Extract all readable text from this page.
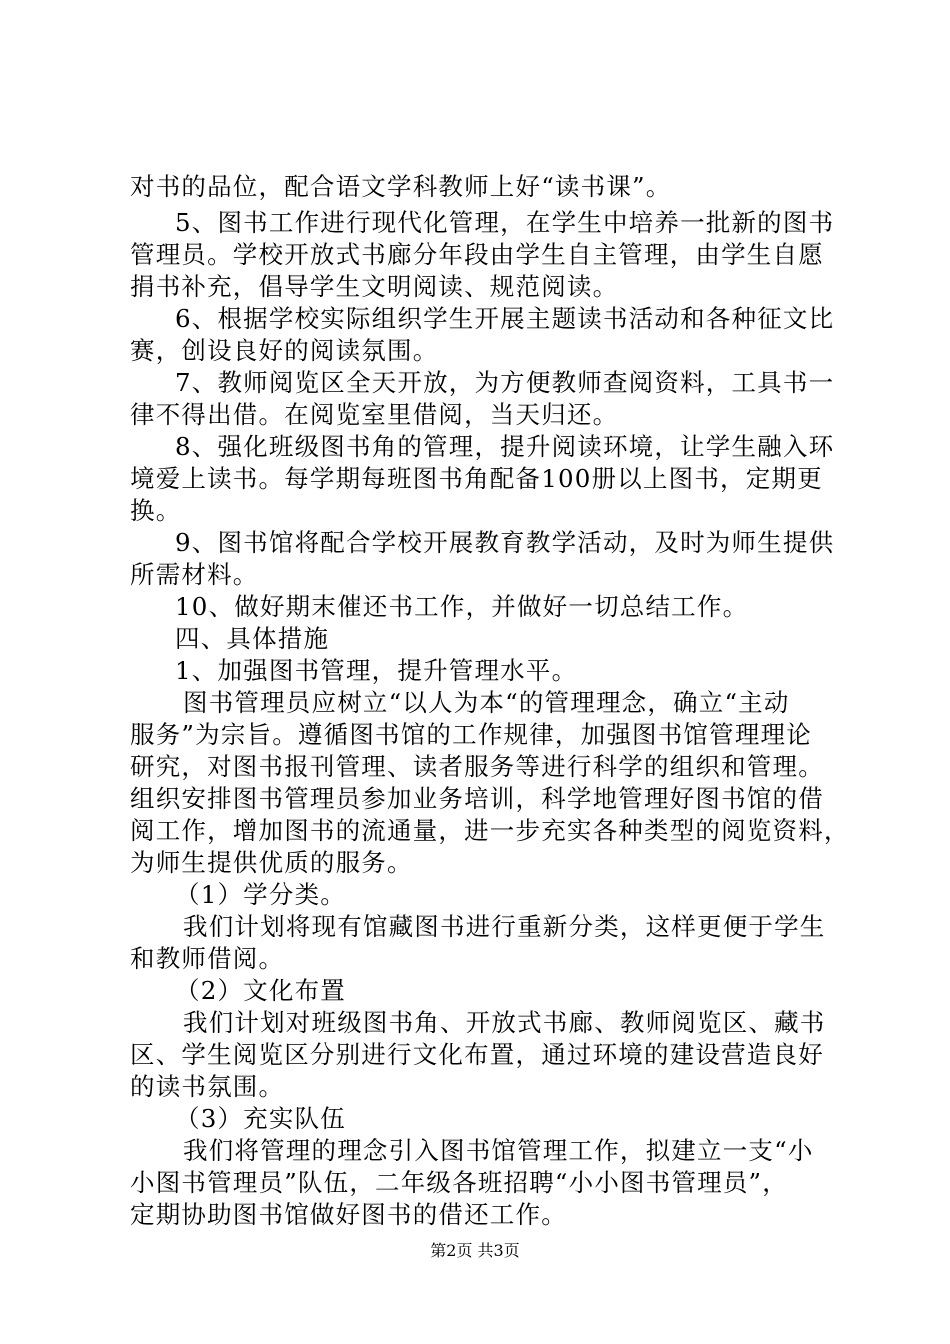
对书的品位，配合语文学科教师上好“读书课”。
5、图书工作进行现代化管理，在学生中培养一批新的图书
管理员。学校开放式书廊分年段由学生自主管理，由学生自愿
捐书补充，倡导学生文明阅读、规范阅读。
6、根据学校实际组织学生开展主题读书活动和各种征文比
赛，创设良好的阅读氛围。
7、教师阅览区全天开放，为方便教师查阅资料，工具书一
律不得出借。在阅览室里借阅，当天归还。
8、强化班级图书角的管理，提升阅读环境，让学生融入环
境爱上读书。每学期每班图书角配备100册以上图书，定期更
换。
9、图书馆将配合学校开展教育教学活动，及时为师生提供
所需材料。
10、做好期末催还书工作，并做好一切总结工作。
四、具体措施
1、加强图书管理，提升管理水平。
图书管理员应树立“以人为本“的管理理念，确立“主动
服务”为宗旨。遵循图书馆的工作规律，加强图书馆管理理论
研究，对图书报刊管理、读者服务等进行科学的组织和管理。
组织安排图书管理员参加业务培训，科学地管理好图书馆的借
阅工作，增加图书的流通量，进一步充实各种类型的阅览资料，
为师生提供优质的服务。
（1）学分类。
我们计划将现有馆藏图书进行重新分类，这样更便于学生
和教师借阅。
（2）文化布置
我们计划对班级图书角、开放式书廊、教师阅览区、藏书
区、学生阅览区分别进行文化布置，通过环境的建设营造良好
的读书氛围。
（3）充实队伍
我们将管理的理念引入图书馆管理工作，拟建立一支“小
小图书管理员”队伍，二年级各班招聘“小小图书管理员”，
定期协助图书馆做好图书的借还工作。
第2页 共3页
